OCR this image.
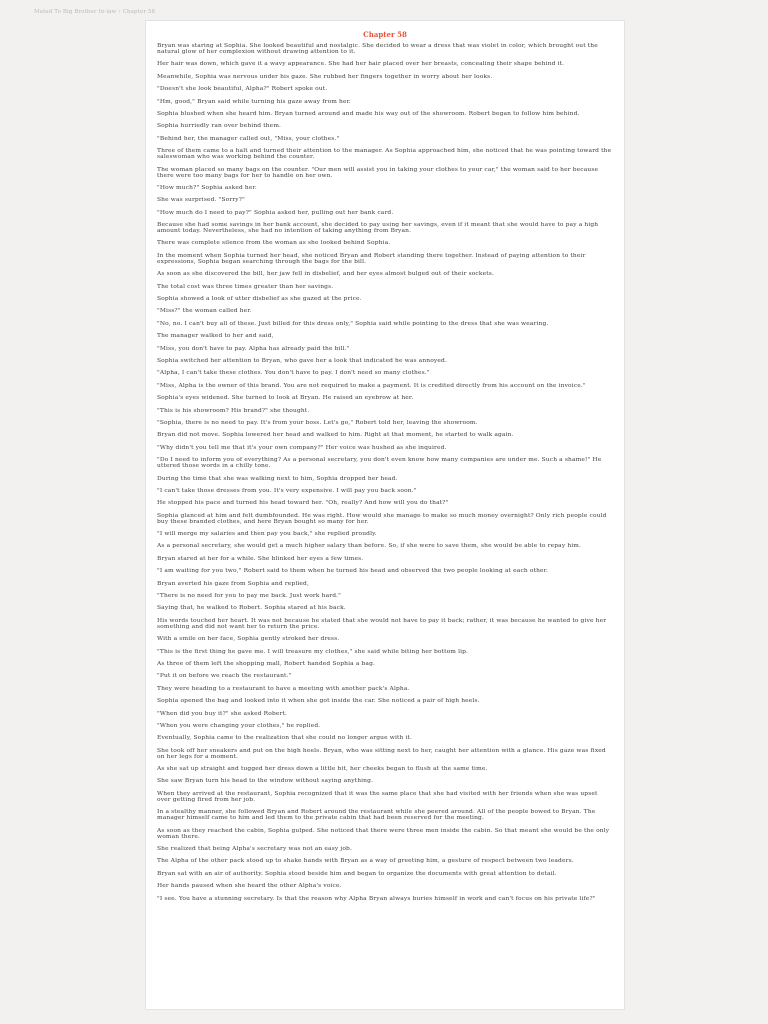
Mated To Big Brother In-law › Chapter 58
Chapter 58

Bryan was staring at Sophia. She looked beautiful and nostalgic. She decided to wear a dress that was violet in color, which brought out the natural glow of her complexion without drawing attention to it.

Her hair was down, which gave it a wavy appearance. She had her hair placed over her breasts, concealing their shape behind it.

Meanwhile, Sophia was nervous under his gaze. She rubbed her fingers together in worry about her looks.

"Doesn't she look beautiful, Alpha?" Robert spoke out.

"Hm, good," Bryan said while turning his gaze away from her.

Sophia blushed when she heard him. Bryan turned around and made his way out of the showroom. Robert began to follow him behind.

Sophia hurriedly ran over behind them.

"Behind her, the manager called out, "Miss, your clothes."

Three of them came to a halt and turned their attention to the manager. As Sophia approached him, she noticed that he was pointing toward the saleswoman who was working behind the counter.

The woman placed so many bags on the counter. "Our men will assist you in taking your clothes to your car," the woman said to her because there were too many bags for her to handle on her own.

"How much?" Sophia asked her.

She was surprised. "Sorry?"

"How much do I need to pay?" Sophia asked her, pulling out her bank card.

Because she had some savings in her bank account, she decided to pay using her savings, even if it meant that she would have to pay a high amount today. Nevertheless, she had no intention of taking anything from Bryan.

There was complete silence from the woman as she looked behind Sophia.

In the moment when Sophia turned her head, she noticed Bryan and Robert standing there together. Instead of paying attention to their expressions, Sophia began searching through the bags for the bill.

As soon as she discovered the bill, her jaw fell in disbelief, and her eyes almost bulged out of their sockets.

The total cost was three times greater than her savings.

Sophia showed a look of utter disbelief as she gazed at the price.

"Miss?" the woman called her.

"No, no. I can't buy all of these. Just billed for this dress only," Sophia said while pointing to the dress that she was wearing.

The manager walked to her and said,

"Miss, you don't have to pay. Alpha has already paid the bill."

Sophia switched her attention to Bryan, who gave her a look that indicated he was annoyed.

"Alpha, I can't take these clothes. You don't have to pay. I don't need so many clothes."

"Miss, Alpha is the owner of this brand. You are not required to make a payment. It is credited directly from his account on the invoice."

Sophia's eyes widened. She turned to look at Bryan. He raised an eyebrow at her.

"This is his showroom? His brand?" she thought.

"Sophia, there is no need to pay. It's from your boss. Let's go," Robert told her, leaving the showroom.

Bryan did not move. Sophia lowered her head and walked to him. Right at that moment, he started to walk again.

"Why didn't you tell me that it's your own company?" Her voice was hushed as she inquired.

"Do I need to inform you of everything? As a personal secretary, you don't even know how many companies are under me. Such a shame!" He uttered those words in a chilly tone.

During the time that she was walking next to him, Sophia dropped her head.

"I can't take those dresses from you. It's very expensive. I will pay you back soon."

He stopped his pace and turned his head toward her. "Oh, really? And how will you do that?"

Sophia glanced at him and felt dumbfounded. He was right. How would she manage to make so much money overnight? Only rich people could buy these branded clothes, and here Bryan bought so many for her.

"I will merge my salaries and then pay you back," she replied proudly.

As a personal secretary, she would get a much higher salary than before. So, if she were to save them, she would be able to repay him.

Bryan stared at her for a while. She blinked her eyes a few times.

"I am waiting for you two," Robert said to them when he turned his head and observed the two people looking at each other.

Bryan averted his gaze from Sophia and replied,

"There is no need for you to pay me back. Just work hard."

Saying that, he walked to Robert. Sophia stared at his back.

His words touched her heart. It was not because he stated that she would not have to pay it back; rather, it was because he wanted to give her something and did not want her to return the price.

With a smile on her face, Sophia gently stroked her dress.

"This is the first thing he gave me. I will treasure my clothes," she said while biting her bottom lip.

As three of them left the shopping mall, Robert handed Sophia a bag.

"Put it on before we reach the restaurant."

They were heading to a restaurant to have a meeting with another pack's Alpha.

Sophia opened the bag and looked into it when she got inside the car. She noticed a pair of high heels.

"When did you buy it?" she asked Robert.

"When you were changing your clothes," he replied.

Eventually, Sophia came to the realization that she could no longer argue with it.

She took off her sneakers and put on the high heels. Bryan, who was sitting next to her, caught her attention with a glance. His gaze was fixed on her legs for a moment.

As she sat up straight and tugged her dress down a little bit, her cheeks began to flush at the same time.

She saw Bryan turn his head to the window without saying anything.

When they arrived at the restaurant, Sophia recognized that it was the same place that she had visited with her friends when she was upset over getting fired from her job.

In a stealthy manner, she followed Bryan and Robert around the restaurant while she peered around. All of the people bowed to Bryan. The manager himself came to him and led them to the private cabin that had been reserved for the meeting.

As soon as they reached the cabin, Sophia gulped. She noticed that there were three men inside the cabin. So that meant she would be the only woman there.

She realized that being Alpha's secretary was not an easy job.

The Alpha of the other pack stood up to shake hands with Bryan as a way of greeting him, a gesture of respect between two leaders.

Bryan sat with an air of authority. Sophia stood beside him and began to organize the documents with great attention to detail.

Her hands paused when she heard the other Alpha's voice.

"I see. You have a stunning secretary. Is that the reason why Alpha Bryan always buries himself in work and can't focus on his private life?"
